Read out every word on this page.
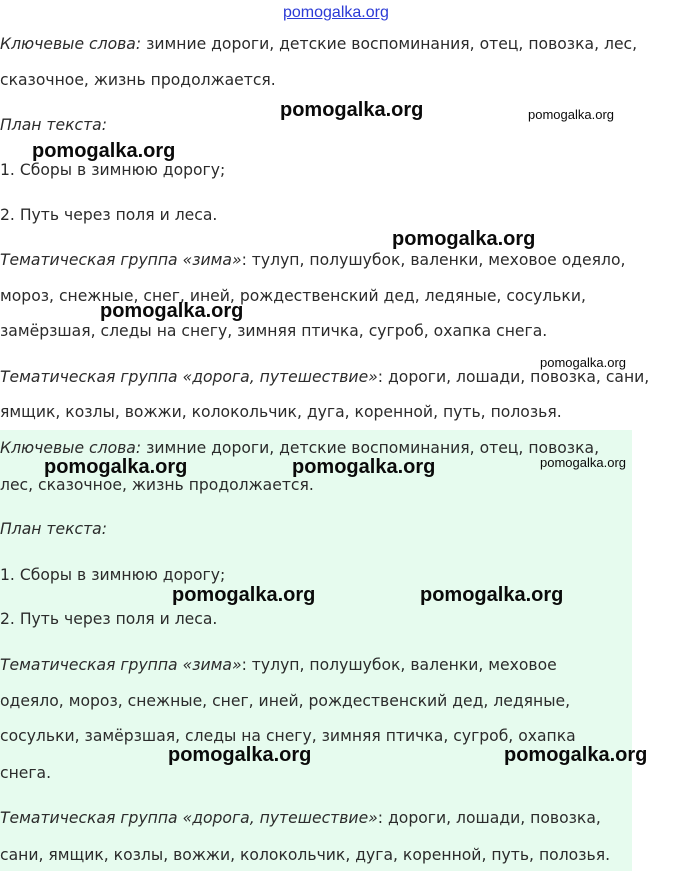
Ключевые слова: зимние дороги, детские воспоминания, отец, повозка, лес,

сказочное, жизнь продолжается.

План текста:

1. Сборы в зимнюю дорогу;

2. Путь через поля и леса.

Тематическая группа «зима»: тулуп, полушубок, валенки, меховое одеяло,

мороз, снежные, снег, иней, рождественский дед, ледяные, сосульки,

замёрзшая, следы на снегу, зимняя птичка, сугроб, охапка снега.

Тематическая группа «дорога, путешествие»: дороги, лошади, повозка, сани,

ямщик, козлы, вожжи, колокольчик, дуга, коренной, путь, полозья.

Ключевые слова: зимние дороги, детские воспоминания, отец, повозка,

лес, сказочное, жизнь продолжается.

План текста:

1. Сборы в зимнюю дорогу;

2. Путь через поля и леса.

Тематическая группа «зима»: тулуп, полушубок, валенки, меховое

одеяло, мороз, снежные, снег, иней, рождественский дед, ледяные,

сосульки, замёрзшая, следы на снегу, зимняя птичка, сугроб, охапка

снега.

Тематическая группа «дорога, путешествие»: дороги, лошади, повозка,

сани, ямщик, козлы, вожжи, колокольчик, дуга, коренной, путь, полозья.

pomogalka.org
pomogalka.org	pomogalka.org
pomogalka.org
pomogalka.org
pomogalka.org
pomogalka.org
pomogalka.org
pomogalka.org	pomogalka.org
pomogalka.org	pomogalka.org
pomogalka.org	pomogalka.org
